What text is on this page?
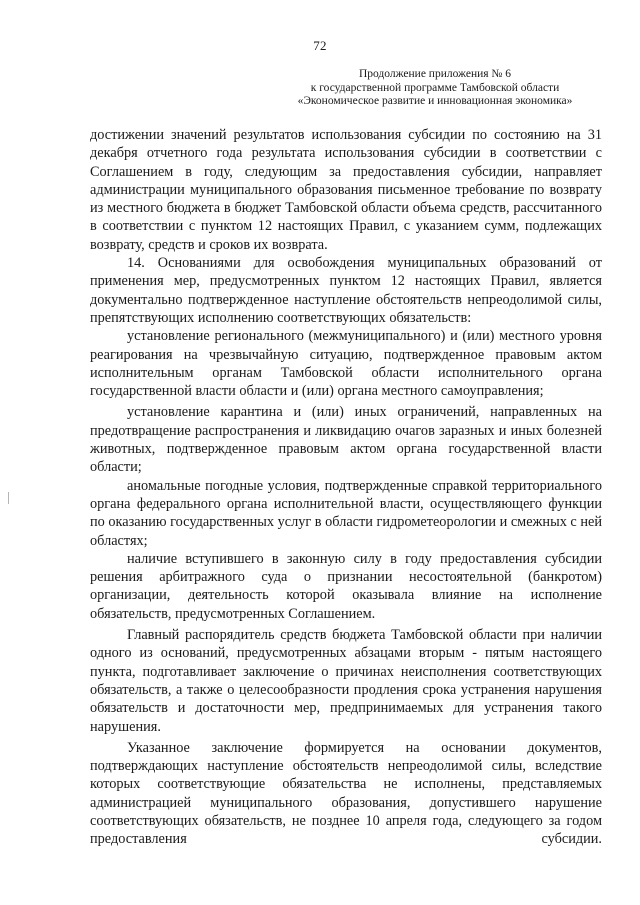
72
Продолжение приложения № 6
к государственной программе Тамбовской области
«Экономическое развитие и инновационная экономика»

достижении значений результатов использования субсидии по состоянию на 31 декабря отчетного года результата использования субсидии в соответствии с Соглашением в году, следующим за предоставления субсидии, направляет администрации муниципального образования письменное требование по возврату из местного бюджета в бюджет Тамбовской области объема средств, рассчитанного в соответствии с пунктом 12 настоящих Правил, с указанием сумм, подлежащих возврату, средств и сроков их возврата.

14. Основаниями для освобождения муниципальных образований от применения мер, предусмотренных пунктом 12 настоящих Правил, является документально подтвержденное наступление обстоятельств непреодолимой силы, препятствующих исполнению соответствующих обязательств:

установление регионального (межмуниципального) и (или) местного уровня реагирования на чрезвычайную ситуацию, подтвержденное правовым актом исполнительным органам Тамбовской области исполнительного органа государственной власти области и (или) органа местного самоуправления;

установление карантина и (или) иных ограничений, направленных на предотвращение распространения и ликвидацию очагов заразных и иных болезней животных, подтвержденное правовым актом органа государственной власти области;

аномальные погодные условия, подтвержденные справкой территориального органа федерального органа исполнительной власти, осуществляющего функции по оказанию государственных услуг в области гидрометеорологии и смежных с ней областях;

наличие вступившего в законную силу в году предоставления субсидии решения арбитражного суда о признании несостоятельной (банкротом) организации, деятельность которой оказывала влияние на исполнение обязательств, предусмотренных Соглашением.

Главный распорядитель средств бюджета Тамбовской области при наличии одного из оснований, предусмотренных абзацами вторым - пятым настоящего пункта, подготавливает заключение о причинах неисполнения соответствующих обязательств, а также о целесообразности продления срока устранения нарушения обязательств и достаточности мер, предпринимаемых для устранения такого нарушения.

Указанное заключение формируется на основании документов, подтверждающих наступление обстоятельств непреодолимой силы, вследствие которых соответствующие обязательства не исполнены, представляемых администрацией муниципального образования, допустившего нарушение соответствующих обязательств, не позднее 10 апреля года, следующего за годом предоставления субсидии.
